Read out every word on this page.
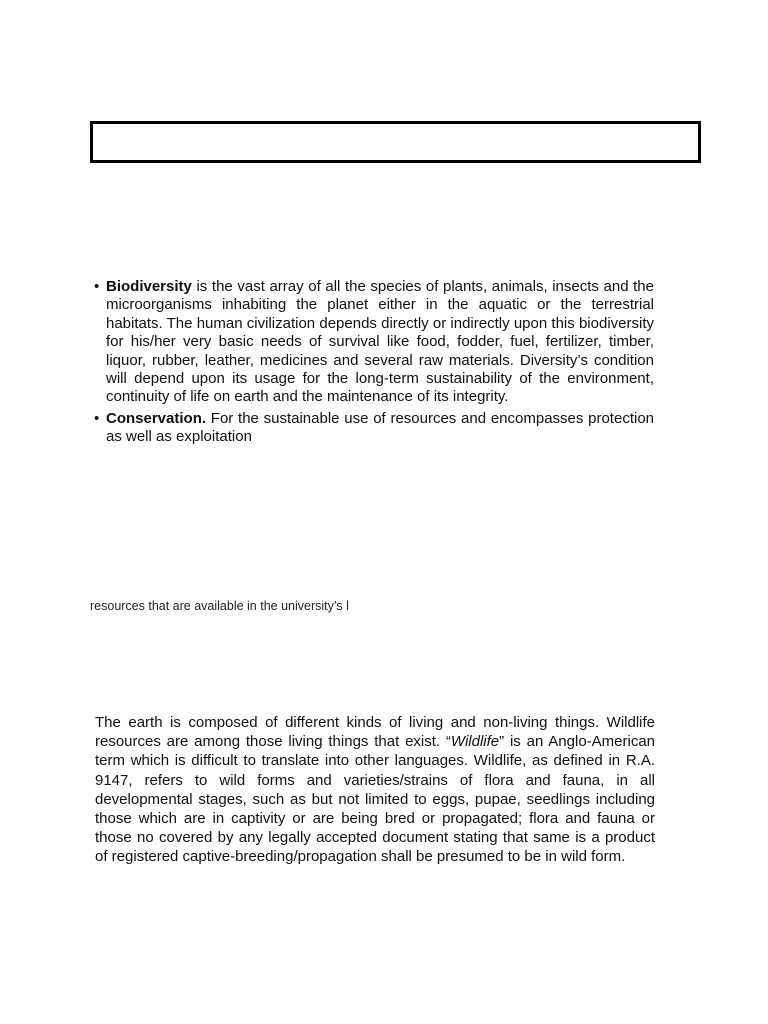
• Biodiversity is the vast array of all the species of plants, animals, insects and the microorganisms inhabiting the planet either in the aquatic or the terrestrial habitats. The human civilization depends directly or indirectly upon this biodiversity for his/her very basic needs of survival like food, fodder, fuel, fertilizer, timber, liquor, rubber, leather, medicines and several raw materials. Diversity’s condition will depend upon its usage for the long-term sustainability of the environment, continuity of life on earth and the maintenance of its integrity.
• Conservation. For the sustainable use of resources and encompasses protection as well as exploitation
resources that are available in the university’s l
The earth is composed of different kinds of living and non-living things. Wildlife resources are among those living things that exist. “Wildlife” is an Anglo-American term which is difficult to translate into other languages. Wildlife, as defined in R.A. 9147, refers to wild forms and varieties/strains of flora and fauna, in all developmental stages, such as but not limited to eggs, pupae, seedlings including those which are in captivity or are being bred or propagated; flora and fauna or those no covered by any legally accepted document stating that same is a product of registered captive-breeding/propagation shall be presumed to be in wild form.
